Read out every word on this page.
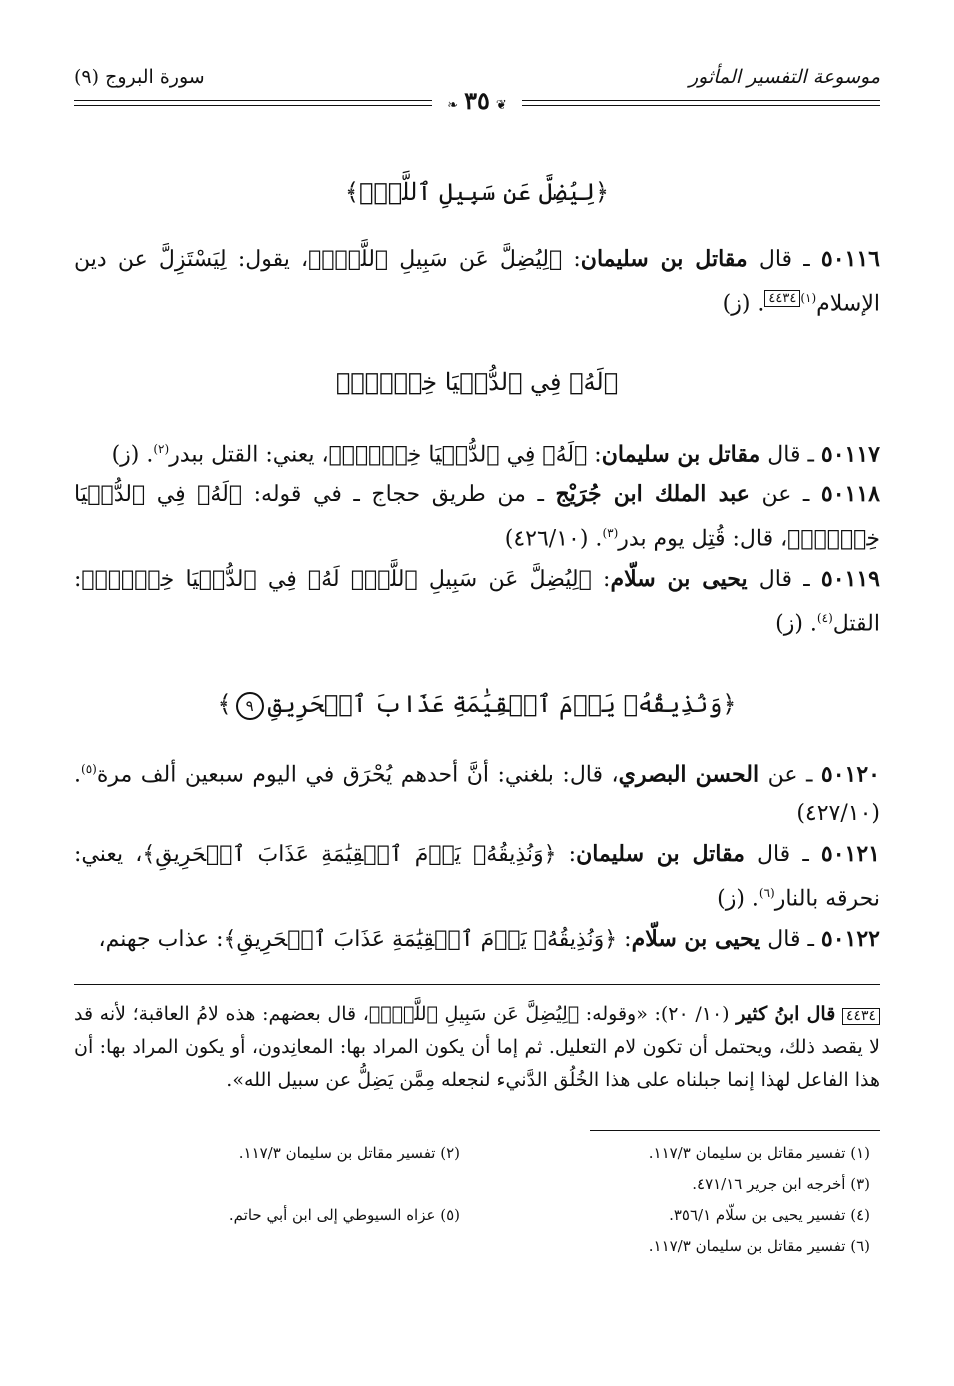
موسوعة التفسير المأثور
سورة البروج (٩)
❦٣٥❧
﴿لِيُضِلَّ عَن سَبِيلِ ٱللَّهِۖ﴾
٥٠١١٦ ـ قال مقاتل بن سليمان: ﴿لِيُضِلَّ عَن سَبِيلِ ٱللَّهِۖ﴾، يقول: لِيَسْتَزِلَّ عن دين الإسلام$^{(١)}$٤٤٣٤. (ز)
﴿لَهُۥ فِي ٱلدُّنۡيَا خِزۡيٞۖ﴾
٥٠١١٧ ـ قال مقاتل بن سليمان: ﴿لَهُۥ فِي ٱلدُّنۡيَا خِزۡيٞۖ﴾، يعني: القتل ببدر$^{(٢)}$. (ز)
٥٠١١٨ ـ عن عبد الملك ابن جُرَيْج ـ من طريق حجاج ـ في قوله: ﴿لَهُۥ فِي ٱلدُّنۡيَا خِزۡيٞۖ﴾، قال: قُتِل يوم بدر$^{(٣)}$. (٤٢٦/١٠)
٥٠١١٩ ـ قال يحيى بن سلّام: ﴿لِيُضِلَّ عَن سَبِيلِ ٱللَّهِۖ لَهُۥ فِي ٱلدُّنۡيَا خِزۡيٞۖ﴾: القتل$^{(٤)}$. (ز)
﴿وَنُذِيقُهُۥ يَوۡمَ ٱلۡقِيَٰمَةِ عَذَابَ ٱلۡحَرِيقِ٩﴾
٥٠١٢٠ ـ عن الحسن البصري، قال: بلغني: أنَّ أحدهم يُحْرَق في اليوم سبعين ألف مرة$^{(٥)}$. (٤٢٧/١٠)
٥٠١٢١ ـ قال مقاتل بن سليمان: ﴿وَنُذِيقُهُۥ يَوۡمَ ٱلۡقِيَٰمَةِ عَذَابَ ٱلۡحَرِيقِ﴾، يعني: نحرقه بالنار$^{(٦)}$. (ز)
٥٠١٢٢ ـ قال يحيى بن سلّام: ﴿وَنُذِيقُهُۥ يَوۡمَ ٱلۡقِيَٰمَةِ عَذَابَ ٱلۡحَرِيقِ﴾: عذاب جهنم،
٤٤٣٤ قال ابنُ كثير (١٠/ ٢٠): «وقوله: ﴿لِيُضِلَّ عَن سَبِيلِ ٱللَّهِۖ﴾، قال بعضهم: هذه لامُ العاقبة؛ لأنه قد لا يقصد ذلك، ويحتمل أن تكون لام التعليل. ثم إما أن يكون المراد بها: المعانِدون، أو يكون المراد بها: أن هذا الفاعل لهذا إنما جبلناه على هذا الخُلُق الدَّنيء لنجعله مِمَّن يَضِلُّ عن سبيل الله».
(١) تفسير مقاتل بن سليمان ١١٧/٣.
(٢) تفسير مقاتل بن سليمان ١١٧/٣.
(٣) أخرجه ابن جرير ٤٧١/١٦.
(٤) تفسير يحيى بن سلّام ٣٥٦/١.
(٥) عزاه السيوطي إلى ابن أبي حاتم.
(٦) تفسير مقاتل بن سليمان ١١٧/٣.
